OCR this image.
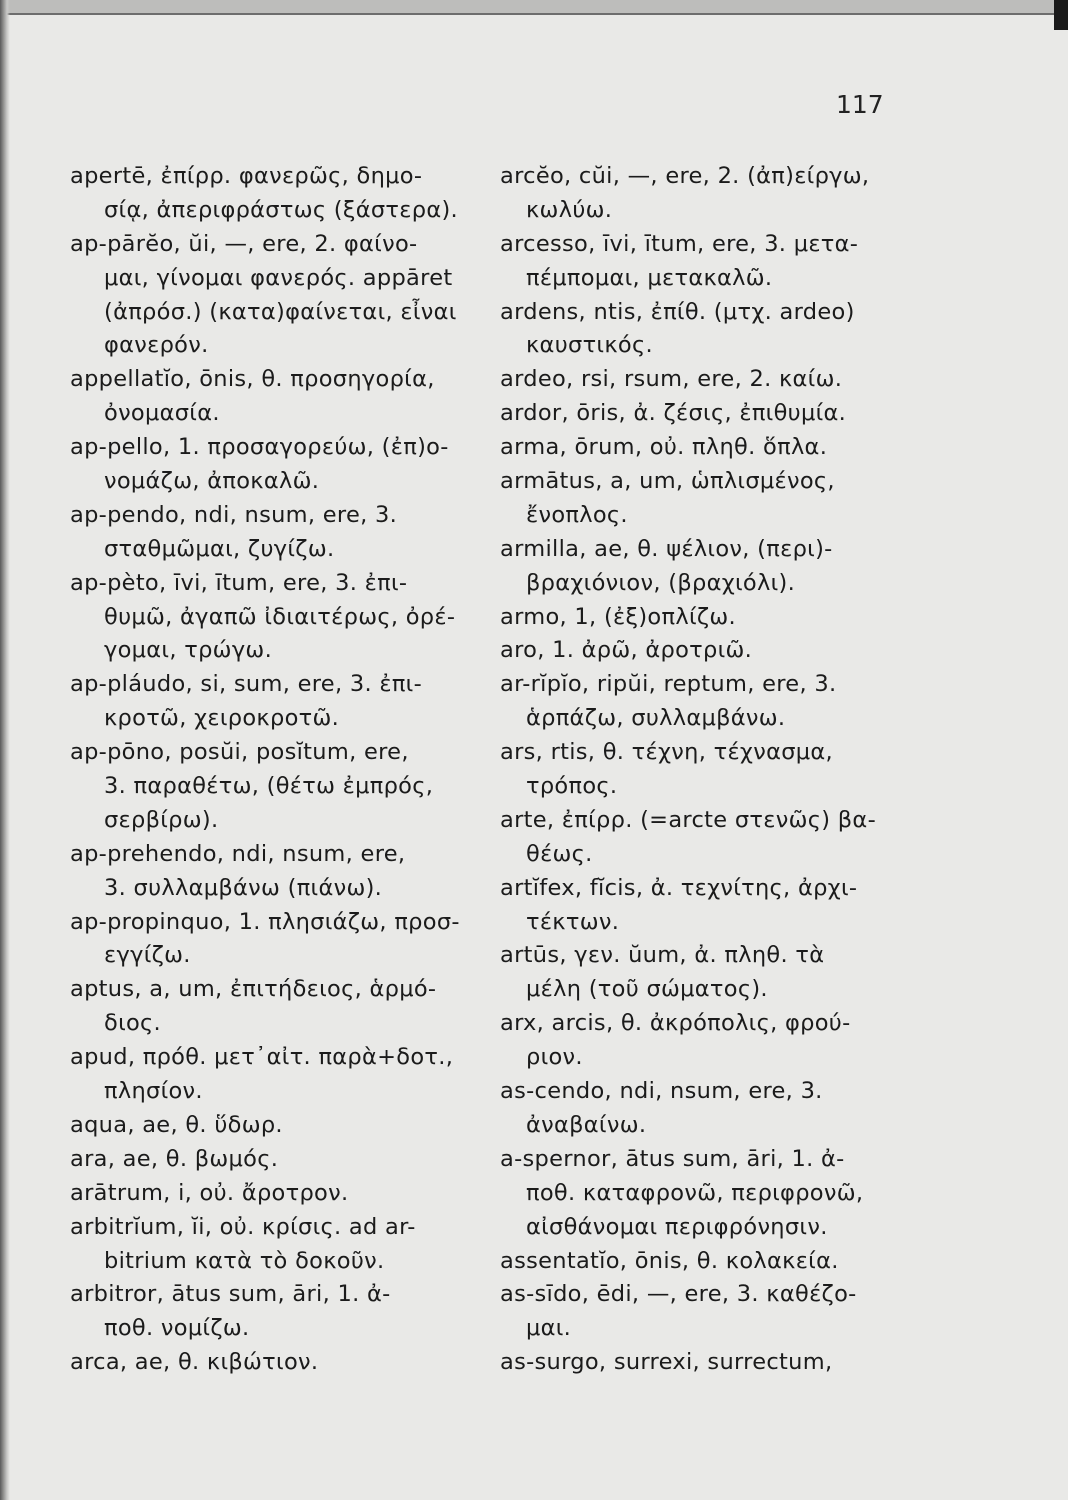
117
apertē, ἐπίρρ. φανερῶς, δημο-
σίᾳ, ἀπεριφράστως (ξάστερα).
ap-pārĕo, ŭi, —, ere, 2. φαίνο-
μαι, γίνομαι φανερός. appāret
(ἀπρόσ.) (κατα)φαίνεται, εἶναι
φανερόν.
appellatĭo, ōnis, θ. προσηγορία,
ὀνομασία.
ap-pello, 1. προσαγορεύω, (ἐπ)ο-
νομάζω, ἀποκαλῶ.
ap-pendo, ndi, nsum, ere, 3.
σταθμῶμαι, ζυγίζω.
ap-pèto, īvi, ītum, ere, 3. ἐπι-
θυμῶ, ἀγαπῶ ἰδιαιτέρως, ὀρέ-
γομαι, τρώγω.
ap-pláudo, si, sum, ere, 3. ἐπι-
κροτῶ, χειροκροτῶ.
ap-pōno, posŭi, posĭtum, ere,
3. παραθέτω, (θέτω ἐμπρός,
σερβίρω).
ap-prehendo, ndi, nsum, ere,
3. συλλαμβάνω (πιάνω).
ap-propinquo, 1. πλησιάζω, προσ-
εγγίζω.
aptus, a, um, ἐπιτήδειος, ἁρμό-
διος.
apud, πρόθ. μετ᾽αἰτ. παρὰ+δοτ.,
πλησίον.
aqua, ae, θ. ὕδωρ.
ara, ae, θ. βωμός.
arātrum, i, οὐ. ἄροτρον.
arbitrĭum, ĭi, οὐ. κρίσις. ad ar-
bitrium κατὰ τὸ δοκοῦν.
arbitror, ātus sum, āri, 1. ἀ-
ποθ. νομίζω.
arca, ae, θ. κιβώτιον.
arcĕo, cŭi, —, ere, 2. (ἀπ)είργω,
κωλύω.
arcesso, īvi, ītum, ere, 3. μετα-
πέμπομαι, μετακαλῶ.
ardens, ntis, ἐπίθ. (μτχ. ardeo)
καυστικός.
ardeo, rsi, rsum, ere, 2. καίω.
ardor, ōris, ἀ. ζέσις, ἐπιθυμία.
arma, ōrum, οὐ. πληθ. ὅπλα.
armātus, a, um, ὡπλισμένος,
ἔνοπλος.
armilla, ae, θ. ψέλιον, (περι)-
βραχιόνιον, (βραχιόλι).
armo, 1, (ἐξ)οπλίζω.
aro, 1. ἀρῶ, ἀροτριῶ.
ar-rĭpĭo, ripŭi, reptum, ere, 3.
ἁρπάζω, συλλαμβάνω.
ars, rtis, θ. τέχνη, τέχνασμα,
τρόπος.
arte, ἐπίρρ. (=arcte στενῶς) βα-
θέως.
artĭfex, fĭcis, ἀ. τεχνίτης, ἀρχι-
τέκτων.
artūs, γεν. ŭum, ἀ. πληθ. τὰ
μέλη (τοῦ σώματος).
arx, arcis, θ. ἀκρόπολις, φρού-
ριον.
as-cendo, ndi, nsum, ere, 3.
ἀναβαίνω.
a-spernor, ātus sum, āri, 1. ἀ-
ποθ. καταφρονῶ, περιφρονῶ,
αἰσθάνομαι περιφρόνησιν.
assentatĭo, ōnis, θ. κολακεία.
as-sīdo, ēdi, —, ere, 3. καθέζο-
μαι.
as-surgo, surrexi, surrectum,
